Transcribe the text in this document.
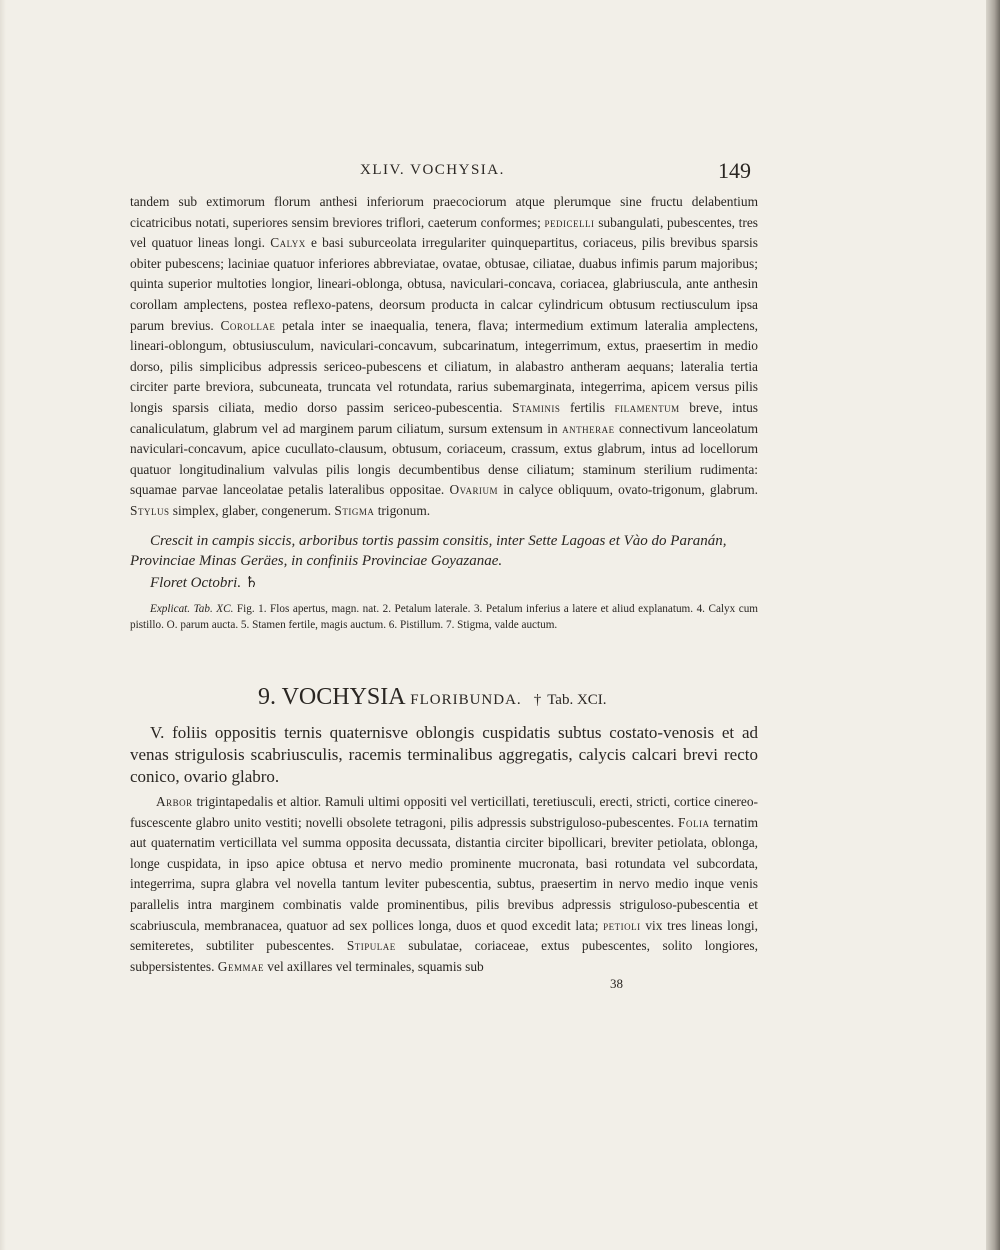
XLIV. VOCHYSIA.	149
tandem sub extimorum florum anthesi inferiorum praecociorum atque plerumque sine fructu delabentium cicatricibus notati, superiores sensim breviores triflori, caeterum conformes; pedicelli subangulati, pubescentes, tres vel quatuor lineas longi. Calyx e basi suburceolata irregulariter quinquepartitus, coriaceus, pilis brevibus sparsis obiter pubescens; laciniae quatuor inferiores abbreviatae, ovatae, obtusae, ciliatae, duabus infimis parum majoribus; quinta superior multoties longior, lineari-oblonga, obtusa, naviculari-concava, coriacea, glabriuscula, ante anthesin corollam amplectens, postea reflexo-patens, deorsum producta in calcar cylindricum obtusum rectiusculum ipsa parum brevius. Corollae petala inter se inaequalia, tenera, flava; intermedium extimum lateralia amplectens, lineari-oblongum, obtusiusculum, naviculari-concavum, subcarinatum, integerrimum, extus, praesertim in medio dorso, pilis simplicibus adpressis sericeo-pubescens et ciliatum, in alabastro antheram aequans; lateralia tertia circiter parte breviora, subcuneata, truncata vel rotundata, rarius subemarginata, integerrima, apicem versus pilis longis sparsis ciliata, medio dorso passim sericeo-pubescentia. Staminis fertilis filamentum breve, intus canaliculatum, glabrum vel ad marginem parum ciliatum, sursum extensum in antherae connectivum lanceolatum naviculari-concavum, apice cucullato-clausum, obtusum, coriaceum, crassum, extus glabrum, intus ad locellorum quatuor longitudinalium valvulas pilis longis decumbentibus dense ciliatum; staminum sterilium rudimenta: squamae parvae lanceolatae petalis lateralibus oppositae. Ovarium in calyce obliquum, ovato-trigonum, glabrum. Stylus simplex, glaber, congenerum. Stigma trigonum.
Crescit in campis siccis, arboribus tortis passim consitis, inter Sette Lagoas et Vào do Paranán, Provinciae Minas Geräes, in confiniis Provinciae Goyazanae.
Floret Octobri. ♄
Explicat. Tab. XC. Fig. 1. Flos apertus, magn. nat. 2. Petalum laterale. 3. Petalum inferius a latere et aliud explanatum. 4. Calyx cum pistillo. O. parum aucta. 5. Stamen fertile, magis auctum. 6. Pistillum. 7. Stigma, valde auctum.
9. VOCHYSIA FLORIBUNDA. † Tab. XCI.
V. foliis oppositis ternis quaternisve oblongis cuspidatis subtus costato-venosis et ad venas strigulosis scabriusculis, racemis terminalibus aggregatis, calycis calcari brevi recto conico, ovario glabro.
Arbor trigintapedalis et altior. Ramuli ultimi oppositi vel verticillati, teretiusculi, erecti, stricti, cortice cinereo-fuscescente glabro unito vestiti; novelli obsolete tetragoni, pilis adpressis substriguloso-pubescentes. Folia ternatim aut quaternatim verticillata vel summa opposita decussata, distantia circiter bipollicari, breviter petiolata, oblonga, longe cuspidata, in ipso apice obtusa et nervo medio prominente mucronata, basi rotundata vel subcordata, integerrima, supra glabra vel novella tantum leviter pubescentia, subtus, praesertim in nervo medio inque venis parallelis intra marginem combinatis valde prominentibus, pilis brevibus adpressis striguloso-pubescentia et scabriuscula, membranacea, quatuor ad sex pollices longa, duos et quod excedit lata; petioli vix tres lineas longi, semiteretes, subtiliter pubescentes. Stipulae subulatae, coriaceae, extus pubescentes, solito longiores, subpersistentes. Gemmae vel axillares vel terminales, squamis sub
38
